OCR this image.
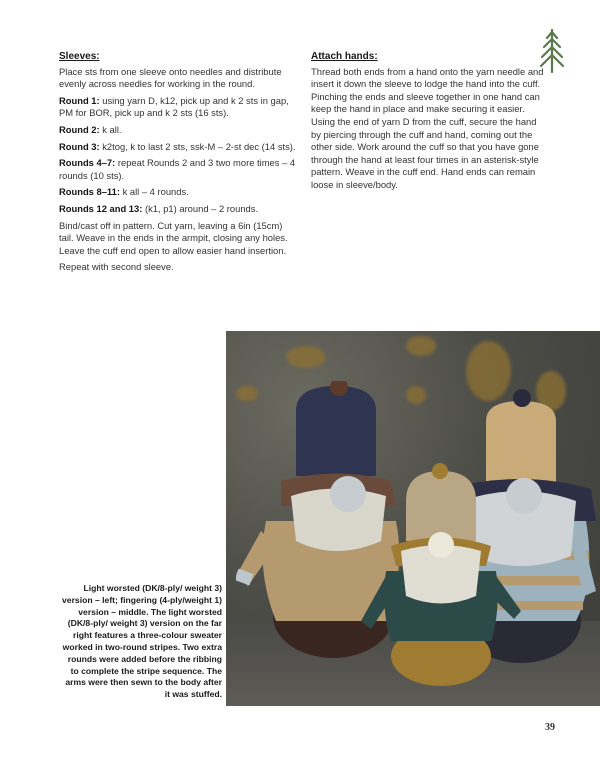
Sleeves:

Place sts from one sleeve onto needles and distribute evenly across needles for working in the round.

Round 1: using yarn D, k12, pick up and k 2 sts in gap, PM for BOR, pick up and k 2 sts (16 sts).

Round 2: k all.

Round 3: k2tog, k to last 2 sts, ssk-M – 2-st dec (14 sts).

Rounds 4–7: repeat Rounds 2 and 3 two more times – 4 rounds (10 sts).

Rounds 8–11: k all – 4 rounds.

Rounds 12 and 13: (k1, p1) around – 2 rounds.

Bind/cast off in pattern. Cut yarn, leaving a 6in (15cm) tail. Weave in the ends in the armpit, closing any holes. Leave the cuff end open to allow easier hand insertion.

Repeat with second sleeve.

Attach hands:

Thread both ends from a hand onto the yarn needle and insert it down the sleeve to lodge the hand into the cuff. Pinching the ends and sleeve together in one hand can keep the hand in place and make securing it easier. Using the end of yarn D from the cuff, secure the hand by piercing through the cuff and hand, coming out the other side. Work around the cuff so that you have gone through the hand at least four times in an asterisk-style pattern. Weave in the cuff end. Hand ends can remain loose in sleeve/body.

Light worsted (DK/8-ply/ weight 3) version – left; fingering (4-ply/weight 1) version – middle. The light worsted (DK/8-ply/ weight 3) version on the far right features a three-colour sweater worked in two-round stripes. Two extra rounds were added before the ribbing to complete the stripe sequence. The arms were then sewn to the body after it was stuffed.
39
